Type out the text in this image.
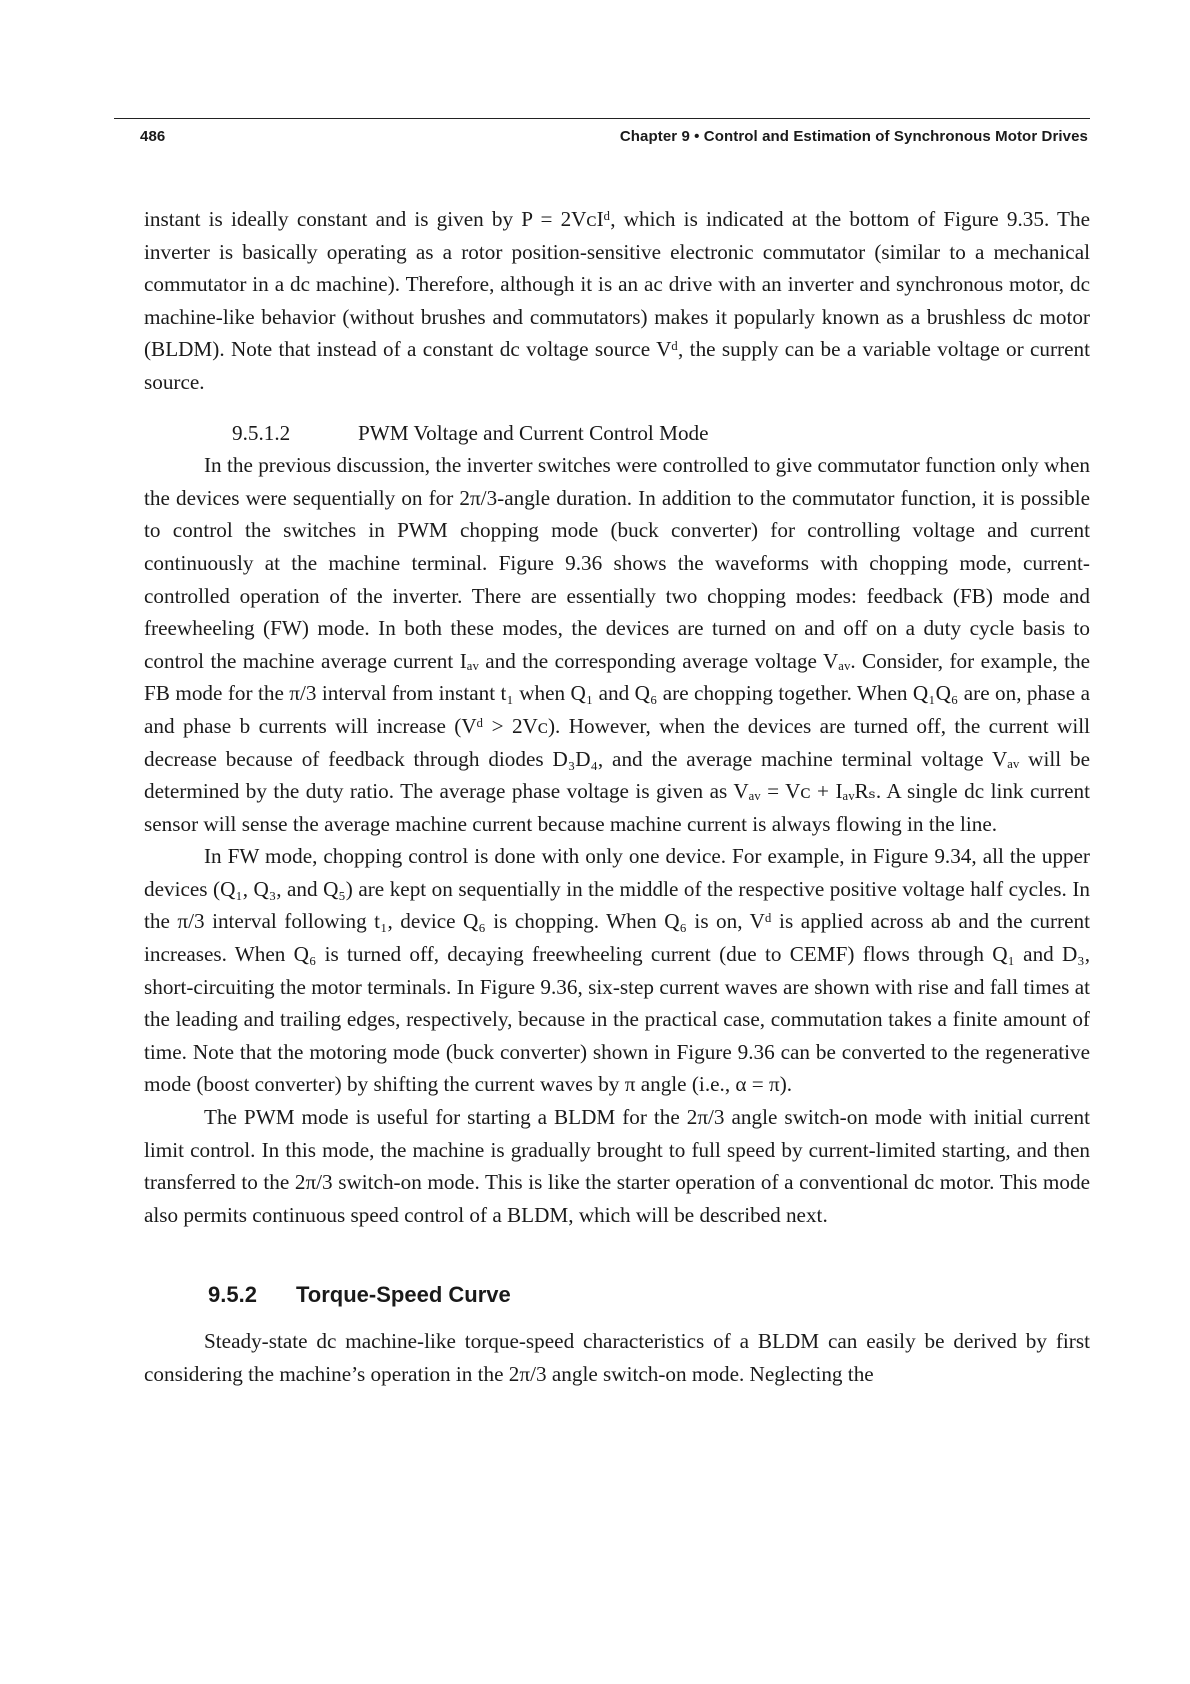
486	Chapter 9 • Control and Estimation of Synchronous Motor Drives

instant is ideally constant and is given by P = 2VᴄIᵈ, which is indicated at the bottom of Figure 9.35. The inverter is basically operating as a rotor position-sensitive electronic commutator (similar to a mechanical commutator in a dc machine). Therefore, although it is an ac drive with an inverter and synchronous motor, dc machine-like behavior (without brushes and commutators) makes it popularly known as a brushless dc motor (BLDM). Note that instead of a constant dc voltage source Vᵈ, the supply can be a variable voltage or current source.

9.5.1.2	PWM Voltage and Current Control Mode

In the previous discussion, the inverter switches were controlled to give commutator function only when the devices were sequentially on for 2π/3-angle duration. In addition to the commutator function, it is possible to control the switches in PWM chopping mode (buck converter) for controlling voltage and current continuously at the machine terminal. Figure 9.36 shows the waveforms with chopping mode, current-controlled operation of the inverter. There are essentially two chopping modes: feedback (FB) mode and freewheeling (FW) mode. In both these modes, the devices are turned on and off on a duty cycle basis to control the machine average current Iₐᵥ and the corresponding average voltage Vₐᵥ. Consider, for example, the FB mode for the π/3 interval from instant t₁ when Q₁ and Q₆ are chopping together. When Q₁Q₆ are on, phase a and phase b currents will increase (Vᵈ > 2Vᴄ). However, when the devices are turned off, the current will decrease because of feedback through diodes D₃D₄, and the average machine terminal voltage Vₐᵥ will be determined by the duty ratio. The average phase voltage is given as Vₐᵥ = Vᴄ + IₐᵥRₛ. A single dc link current sensor will sense the average machine current because machine current is always flowing in the line.

In FW mode, chopping control is done with only one device. For example, in Figure 9.34, all the upper devices (Q₁, Q₃, and Q₅) are kept on sequentially in the middle of the respective positive voltage half cycles. In the π/3 interval following t₁, device Q₆ is chopping. When Q₆ is on, Vᵈ is applied across ab and the current increases. When Q₆ is turned off, decaying freewheeling current (due to CEMF) flows through Q₁ and D₃, short-circuiting the motor terminals. In Figure 9.36, six-step current waves are shown with rise and fall times at the leading and trailing edges, respectively, because in the practical case, commutation takes a finite amount of time. Note that the motoring mode (buck converter) shown in Figure 9.36 can be converted to the regenerative mode (boost converter) by shifting the current waves by π angle (i.e., α = π).

The PWM mode is useful for starting a BLDM for the 2π/3 angle switch-on mode with initial current limit control. In this mode, the machine is gradually brought to full speed by current-limited starting, and then transferred to the 2π/3 switch-on mode. This is like the starter operation of a conventional dc motor. This mode also permits continuous speed control of a BLDM, which will be described next.

9.5.2 Torque-Speed Curve

Steady-state dc machine-like torque-speed characteristics of a BLDM can easily be derived by first considering the machine’s operation in the 2π/3 angle switch-on mode. Neglecting the
